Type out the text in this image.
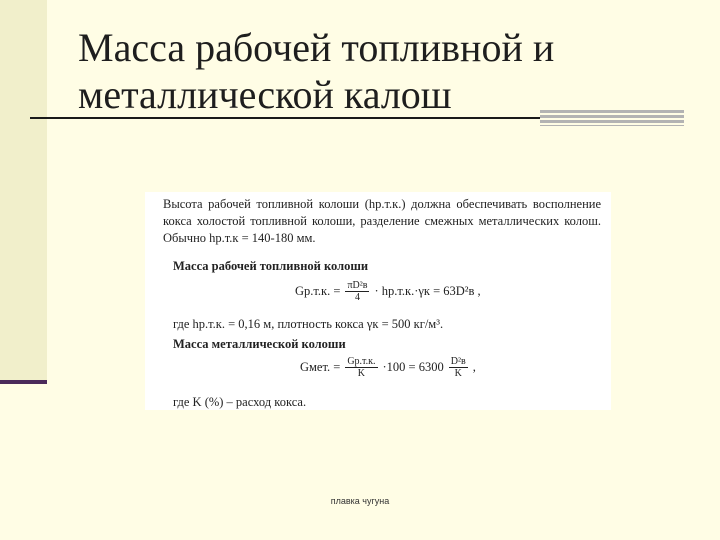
Масса рабочей топливной и металлической калош

Высота рабочей топливной колоши (hр.т.к.) должна обеспечивать восполнение кокса холостой топливной колоши, разделение смежных металлических колош. Обычно hр.т.к = 140-180 мм.

Масса рабочей топливной колоши

Gр.т.к. = $\frac{\text{πD²в}}{4} \cdot hр.т.к.\cdot\gamma к = 63D^2в$ ,

где hр.т.к. = 0,16 м, плотность кокса γк = 500 кг/м³.

Масса металлической колоши

Gмет. = $\frac{Gр.т.к.}{K} \cdot 100 = 6300 \frac{\text{D²в}}{K}$ ,

где K (%) – расход кокса.

плавка чугуна
